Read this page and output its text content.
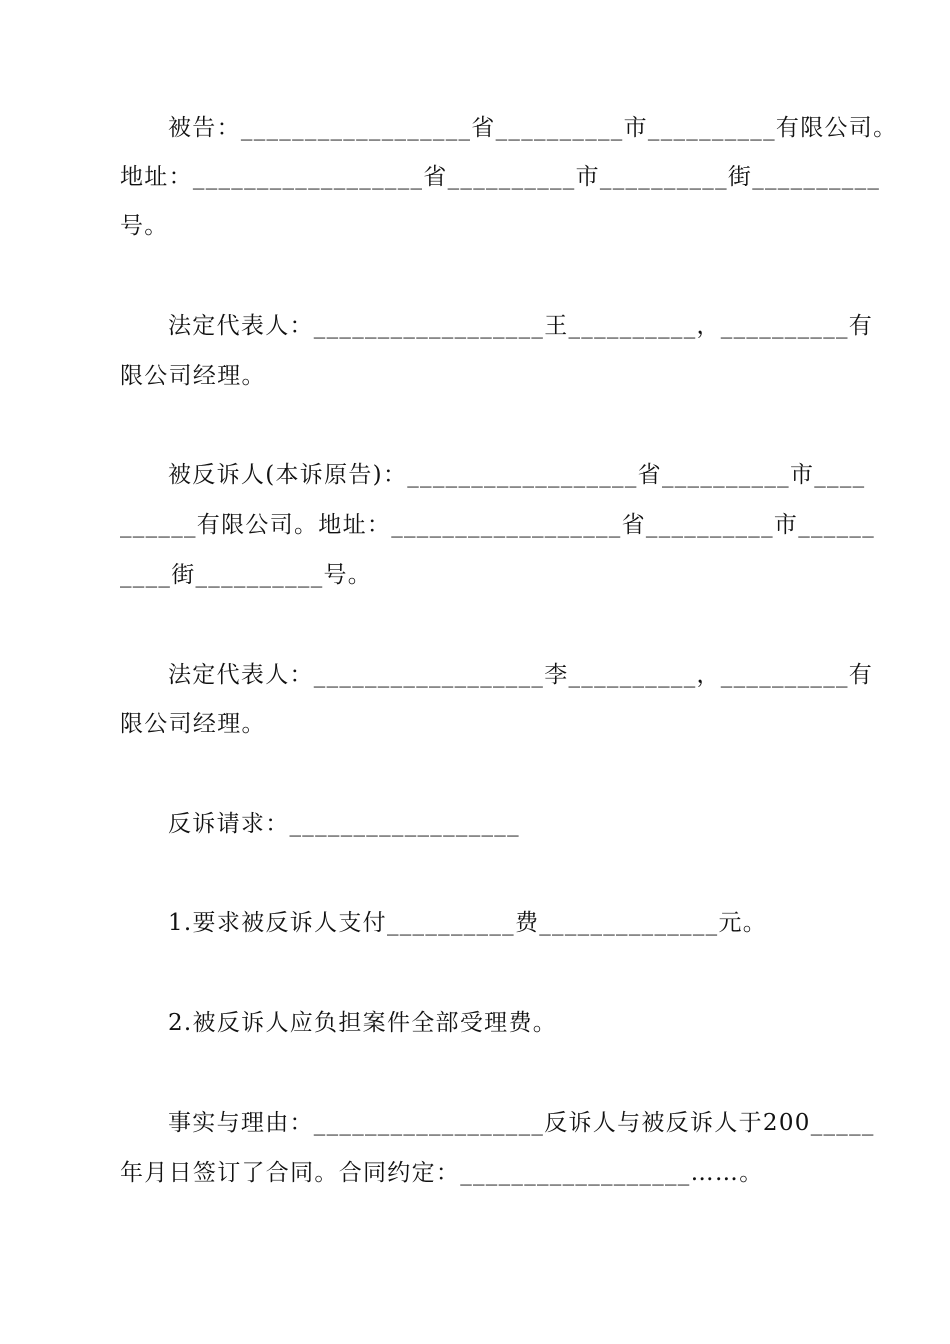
被告：__________________省__________市__________有限公司。
地址：__________________省__________市__________街__________
号。
法定代表人：__________________王__________，__________有
限公司经理。
被反诉人(本诉原告)：__________________省__________市____
______有限公司。地址：__________________省__________市______
____街__________号。
法定代表人：__________________李__________，__________有
限公司经理。
反诉请求：__________________
1.要求被反诉人支付__________费______________元。
2.被反诉人应负担案件全部受理费。
事实与理由：__________________反诉人与被反诉人于200_____
年月日签订了合同。合同约定：__________________……。
